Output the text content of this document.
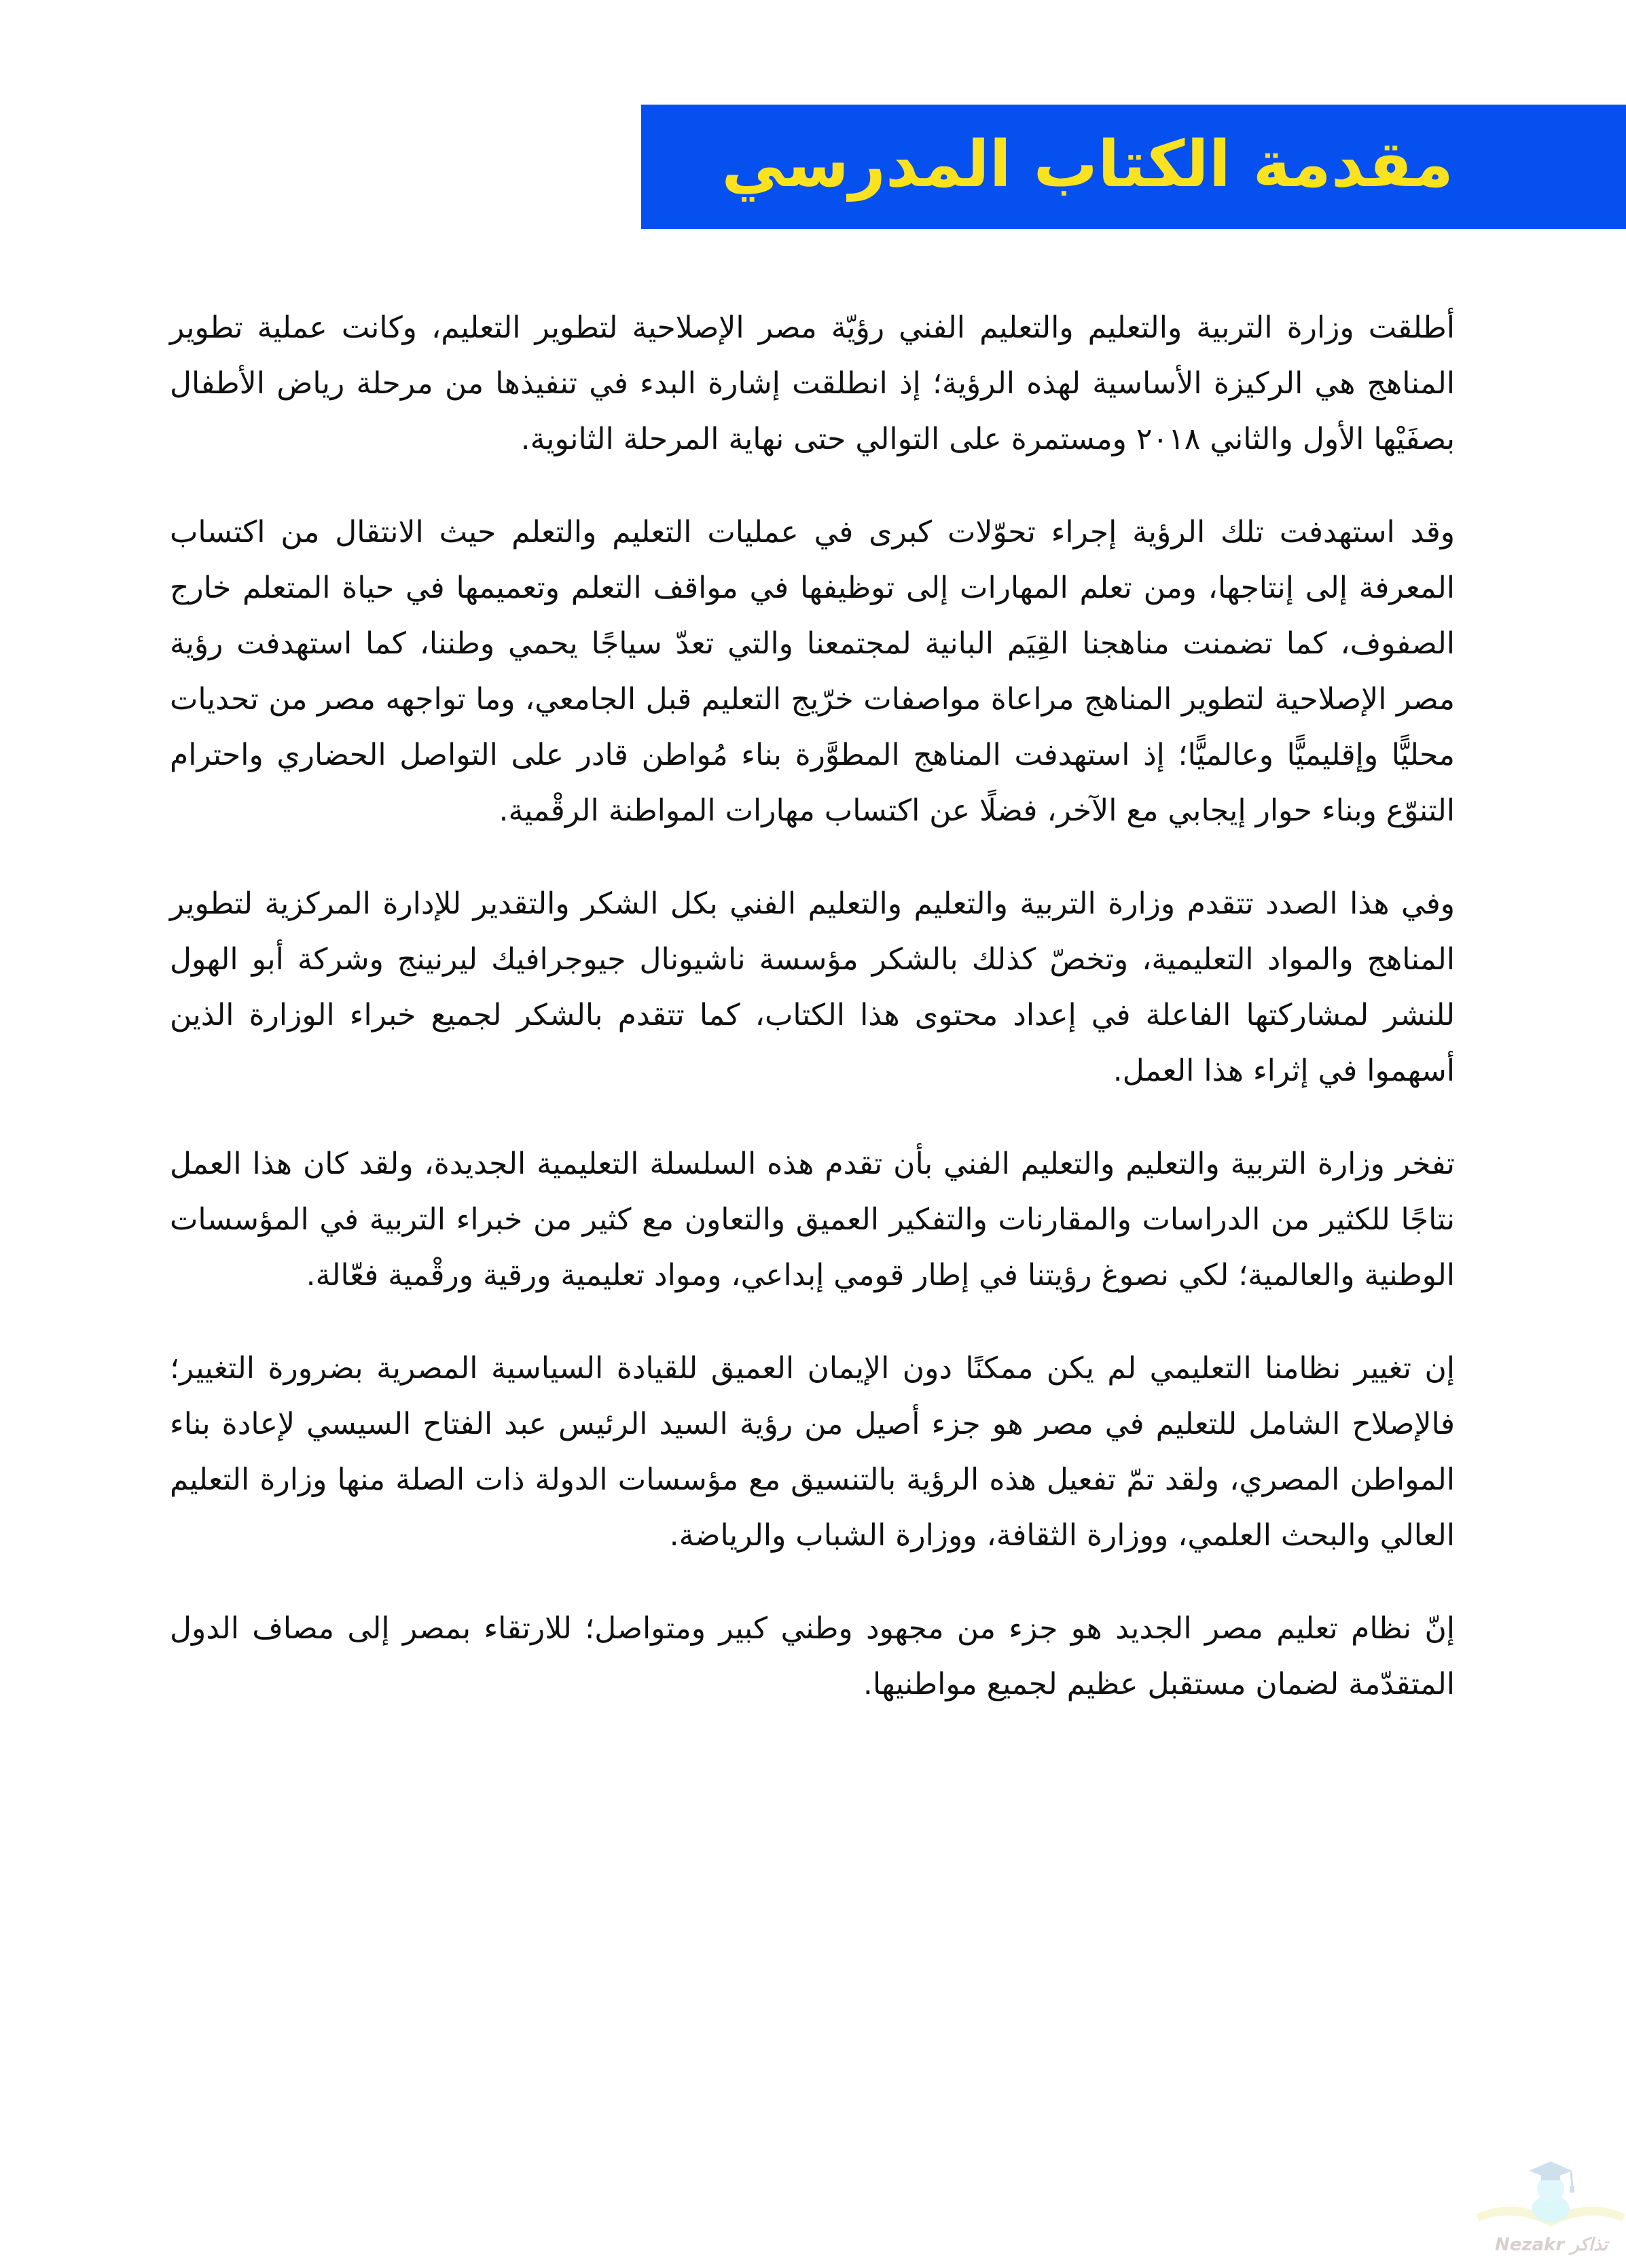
مقدمة الكتاب المدرسي

أطلقت وزارة التربية والتعليم والتعليم الفني رؤيّة مصر الإصلاحية لتطوير التعليم، وكانت عملية تطوير المناهج هي الركيزة الأساسية لهذه الرؤية؛ إذ انطلقت إشارة البدء في تنفيذها من مرحلة رياض الأطفال بصفَيْها الأول والثاني ٢٠١٨ ومستمرة على التوالي حتى نهاية المرحلة الثانوية.

وقد استهدفت تلك الرؤية إجراء تحوّلات كبرى في عمليات التعليم والتعلم حيث الانتقال من اكتساب المعرفة إلى إنتاجها، ومن تعلم المهارات إلى توظيفها في مواقف التعلم وتعميمها في حياة المتعلم خارج الصفوف، كما تضمنت مناهجنا القِيَم البانية لمجتمعنا والتي تعدّ سياجًا يحمي وطننا، كما استهدفت رؤية مصر الإصلاحية لتطوير المناهج مراعاة مواصفات خرّيج التعليم قبل الجامعي، وما تواجهه مصر من تحديات محليًّا وإقليميًّا وعالميًّا؛ إذ استهدفت المناهج المطوَّرة بناء مُواطن قادر على التواصل الحضاري واحترام التنوّع وبناء حوار إيجابي مع الآخر، فضلًا عن اكتساب مهارات المواطنة الرقْمية.

وفي هذا الصدد تتقدم وزارة التربية والتعليم والتعليم الفني بكل الشكر والتقدير للإدارة المركزية لتطوير المناهج والمواد التعليمية، وتخصّ كذلك بالشكر مؤسسة ناشيونال جيوجرافيك ليرنينج وشركة أبو الهول للنشر لمشاركتها الفاعلة في إعداد محتوى هذا الكتاب، كما تتقدم بالشكر لجميع خبراء الوزارة الذين أسهموا في إثراء هذا العمل.

تفخر وزارة التربية والتعليم والتعليم الفني بأن تقدم هذه السلسلة التعليمية الجديدة، ولقد كان هذا العمل نتاجًا للكثير من الدراسات والمقارنات والتفكير العميق والتعاون مع كثير من خبراء التربية في المؤسسات الوطنية والعالمية؛ لكي نصوغ رؤيتنا في إطار قومي إبداعي، ومواد تعليمية ورقية ورقْمية فعّالة.

إن تغيير نظامنا التعليمي لم يكن ممكنًا دون الإيمان العميق للقيادة السياسية المصرية بضرورة التغيير؛ فالإصلاح الشامل للتعليم في مصر هو جزء أصيل من رؤية السيد الرئيس عبد الفتاح السيسي لإعادة بناء المواطن المصري، ولقد تمّ تفعيل هذه الرؤية بالتنسيق مع مؤسسات الدولة ذات الصلة منها وزارة التعليم العالي والبحث العلمي، ووزارة الثقافة، ووزارة الشباب والرياضة.

إنّ نظام تعليم مصر الجديد هو جزء من مجهود وطني كبير ومتواصل؛ للارتقاء بمصر إلى مصاف الدول المتقدّمة لضمان مستقبل عظيم لجميع مواطنيها.

Nezakr تذاكر
